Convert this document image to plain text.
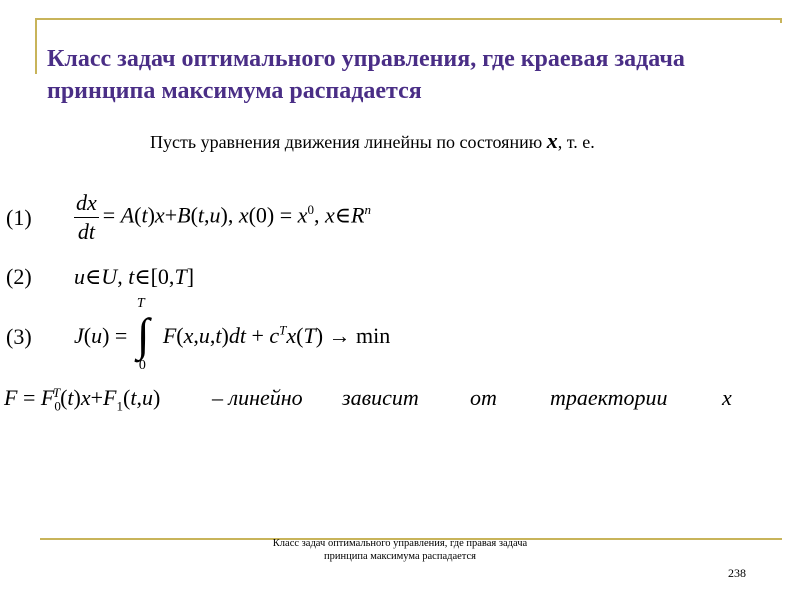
Класс задач оптимального управления, где краевая задача принципа максимума распадается
Пусть уравнения движения линейны по состоянию x, т. е.
$(1) \frac{dx}{dt} = A(t)x+B(t,u)$, $x(0) = x^0$, $x\in R^n$
(2) u∈U, t∈[0,T]
(3) J(u) =
T
∫
0
$F(x,u,t)dt + c^Tx(T) \to \min$
$F = F_0^T(t)x+F_1(t,u)$ – линейно зависит от траектории x
Класс задач оптимального управления, где правая задача принципа максимума распадается
238
